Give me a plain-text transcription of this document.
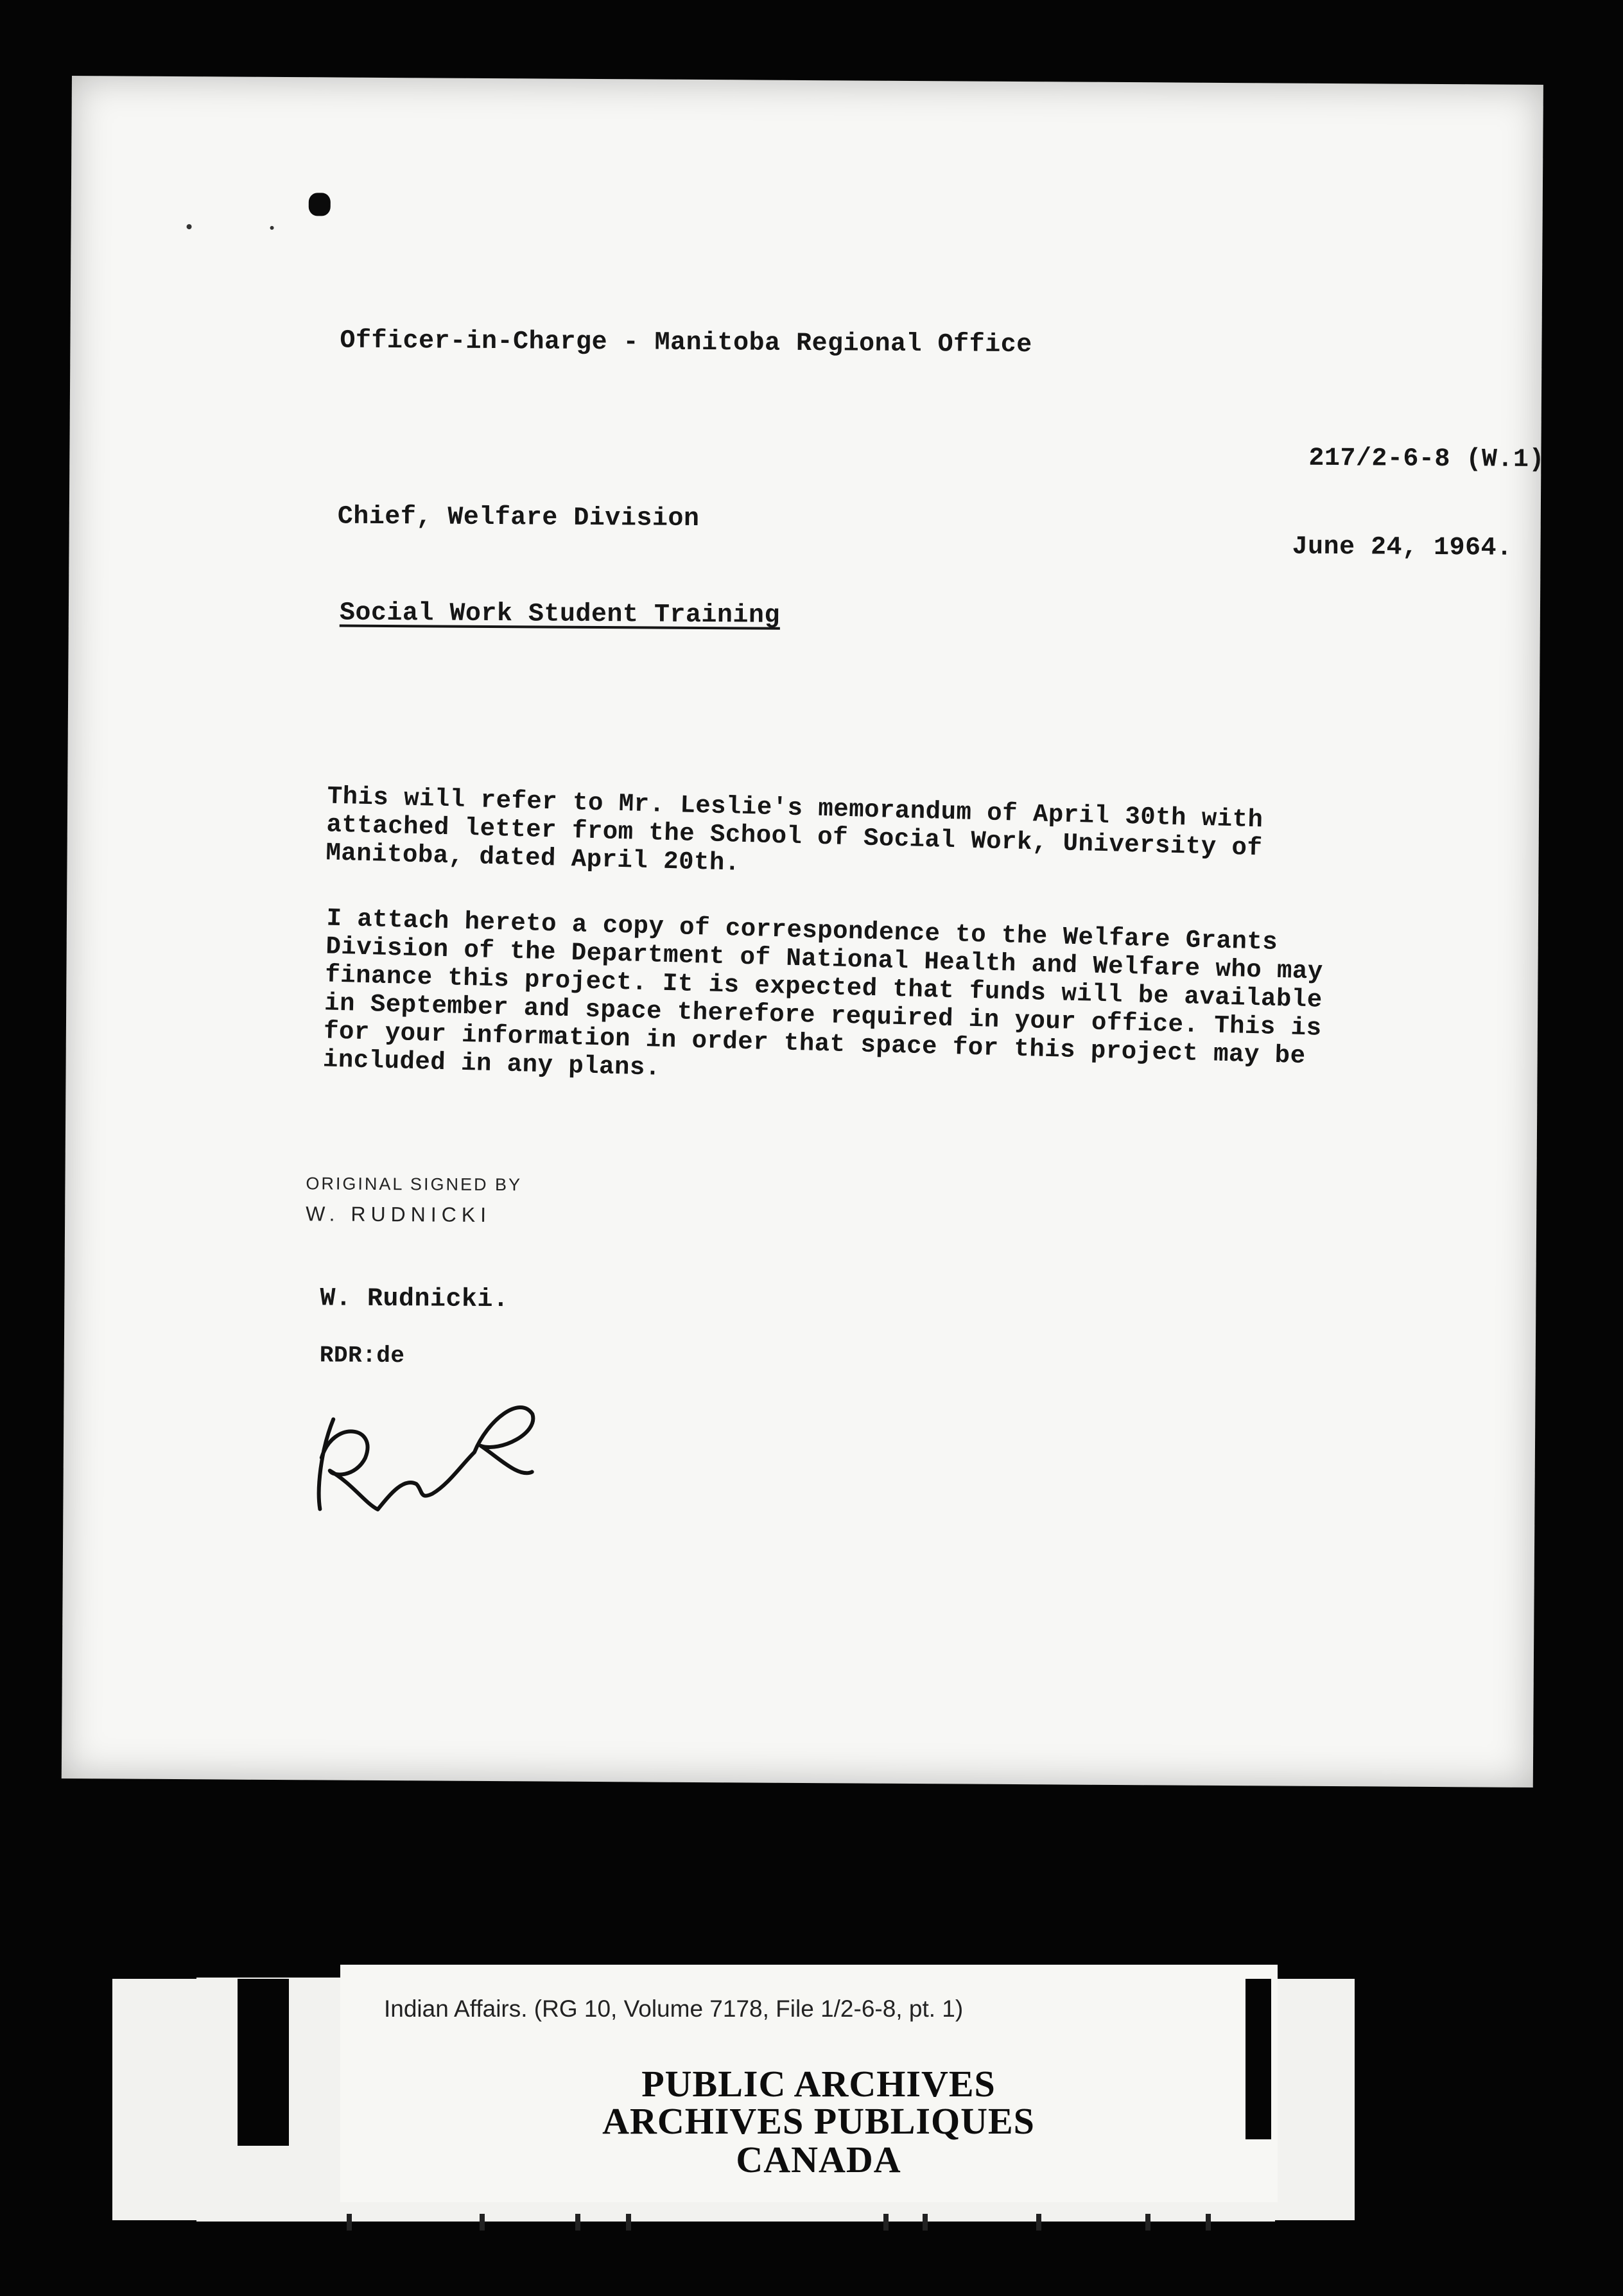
Officer-in-Charge - Manitoba Regional Office
217/2-6-8 (W.1)
Chief, Welfare Division
June 24, 1964.
Social Work Student Training
This will refer to Mr. Leslie's memorandum of April 30th with attached letter from the School of Social Work, University of Manitoba, dated April 20th.
I attach hereto a copy of correspondence to the Welfare Grants Division of the Department of National Health and Welfare who may finance this project. It is expected that funds will be available in September and space therefore required in your office. This is for your information in order that space for this project may be included in any plans.
ORIGINAL SIGNED BY
W. RUDNICKI
W. Rudnicki.
RDR:de
Indian Affairs. (RG 10, Volume 7178, File 1/2-6-8, pt. 1)
PUBLIC ARCHIVES
ARCHIVES PUBLIQUES
CANADA
